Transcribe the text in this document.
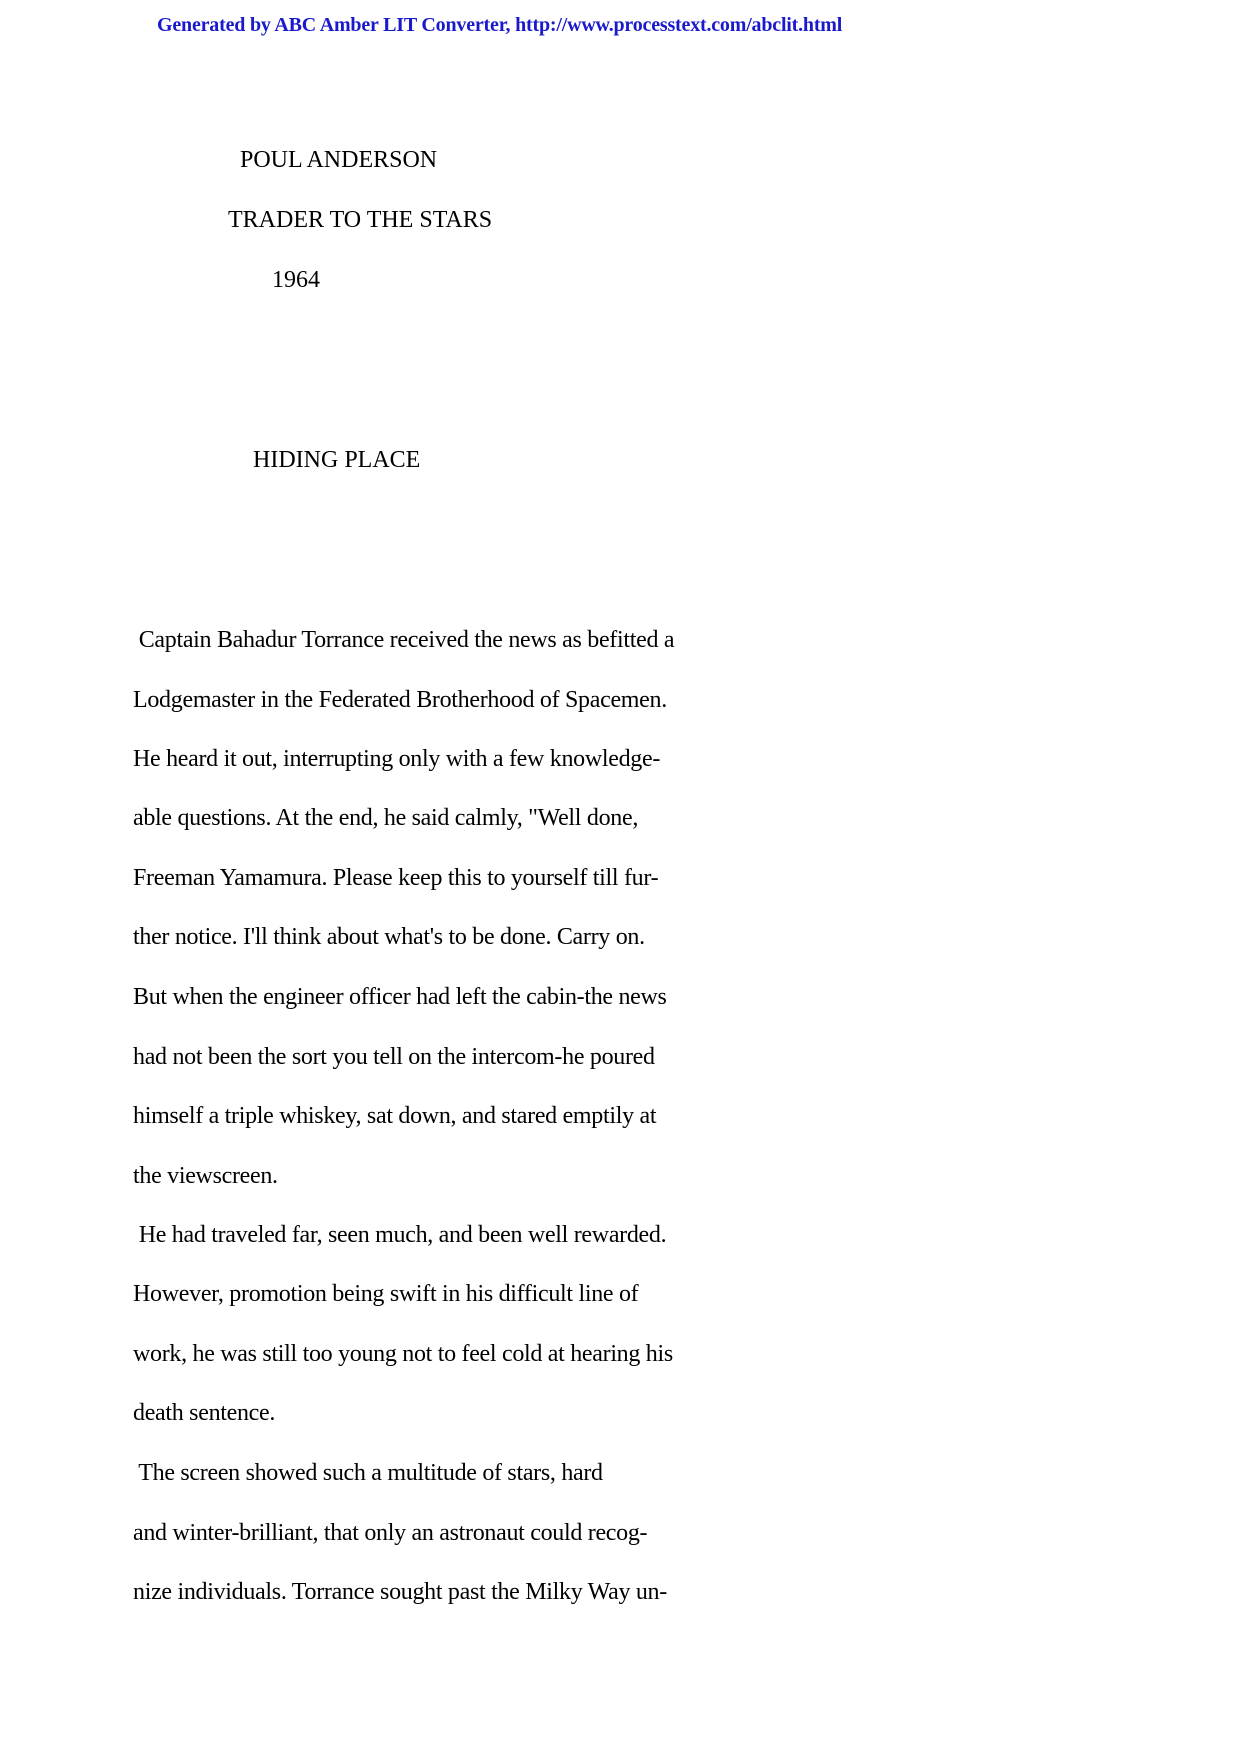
Generated by ABC Amber LIT Converter, http://www.processtext.com/abclit.html
POUL ANDERSON
TRADER TO THE STARS
1964
HIDING PLACE
Captain Bahadur Torrance received the news as befitted a
Lodgemaster in the Federated Brotherhood of Spacemen.
He heard it out, interrupting only with a few knowledge-
able questions. At the end, he said calmly, "Well done,
Freeman Yamamura. Please keep this to yourself till fur-
ther notice. I'll think about what's to be done. Carry on.
But when the engineer officer had left the cabin-the news
had not been the sort you tell on the intercom-he poured
himself a triple whiskey, sat down, and stared emptily at
the viewscreen.
He had traveled far, seen much, and been well rewarded.
However, promotion being swift in his difficult line of
work, he was still too young not to feel cold at hearing his
death sentence.
The screen showed such a multitude of stars, hard
and winter-brilliant, that only an astronaut could recog-
nize individuals. Torrance sought past the Milky Way un-
